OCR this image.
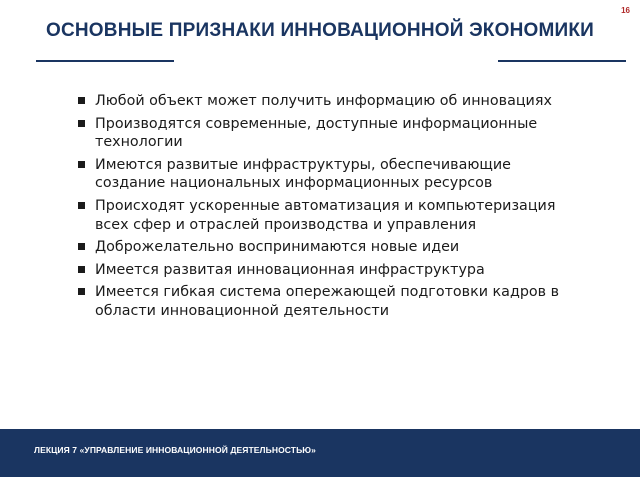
16
ОСНОВНЫЕ ПРИЗНАКИ ИННОВАЦИОННОЙ ЭКОНОМИКИ
Любой объект может получить информацию об инновациях
Производятся современные, доступные информационные технологии
Имеются развитые инфраструктуры, обеспечивающие создание национальных информационных ресурсов
Происходят ускоренные автоматизация и компьютеризация всех сфер и отраслей производства и управления
Доброжелательно воспринимаются новые идеи
Имеется развитая инновационная инфраструктура
Имеется гибкая система опережающей подготовки кадров в области инновационной деятельности
ЛЕКЦИЯ 7 «УПРАВЛЕНИЕ ИННОВАЦИОННОЙ ДЕЯТЕЛЬНОСТЬЮ»
